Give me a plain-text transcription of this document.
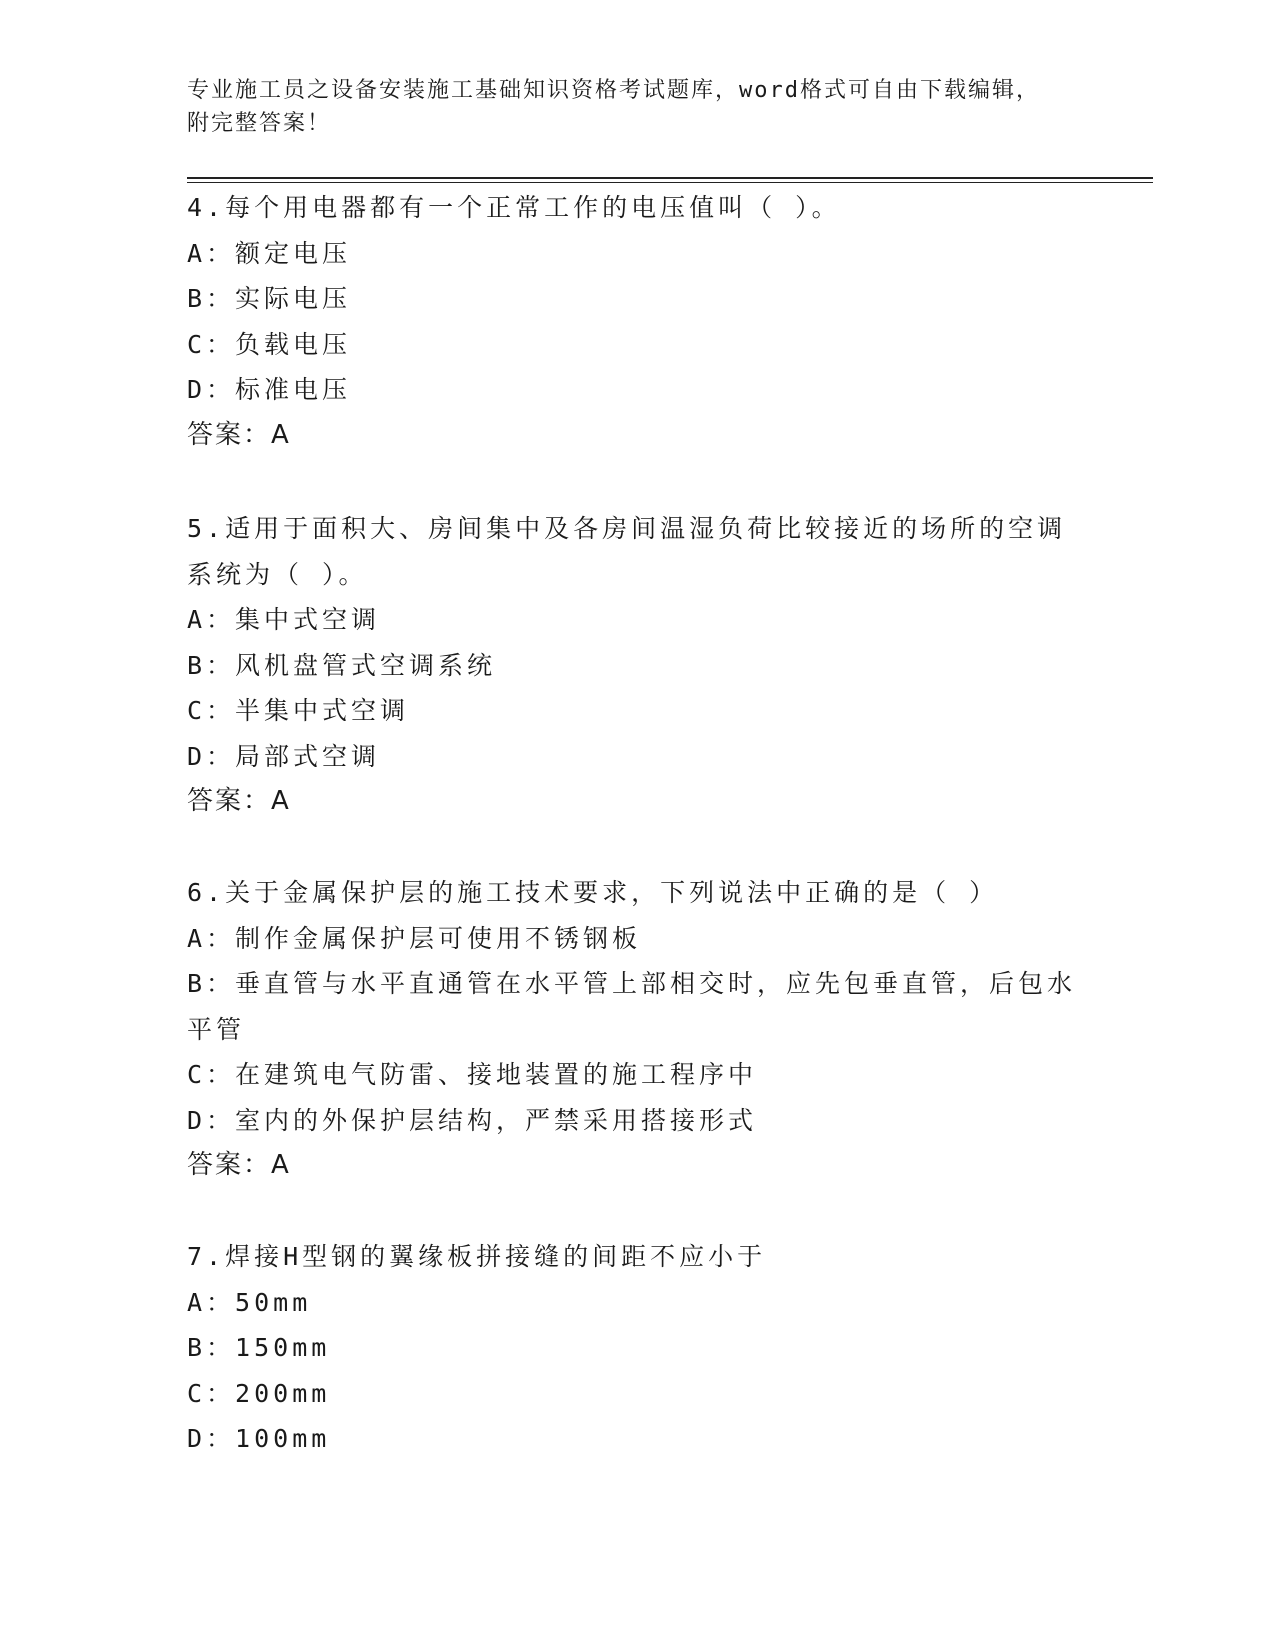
专业施工员之设备安装施工基础知识资格考试题库，word格式可自由下载编辑，
附完整答案！
4.每个用电器都有一个正常工作的电压值叫（ ）。
A：额定电压
B：实际电压
C：负载电压
D：标准电压
答案：A
5.适用于面积大、房间集中及各房间温湿负荷比较接近的场所的空调
系统为（ ）。
A：集中式空调
B：风机盘管式空调系统
C：半集中式空调
D：局部式空调
答案：A
6.关于金属保护层的施工技术要求，下列说法中正确的是（ ）
A：制作金属保护层可使用不锈钢板
B：垂直管与水平直通管在水平管上部相交时，应先包垂直管，后包水
平管
C：在建筑电气防雷、接地装置的施工程序中
D：室内的外保护层结构，严禁采用搭接形式
答案：A
7.焊接H型钢的翼缘板拼接缝的间距不应小于
A：50mm
B：150mm
C：200mm
D：100mm
